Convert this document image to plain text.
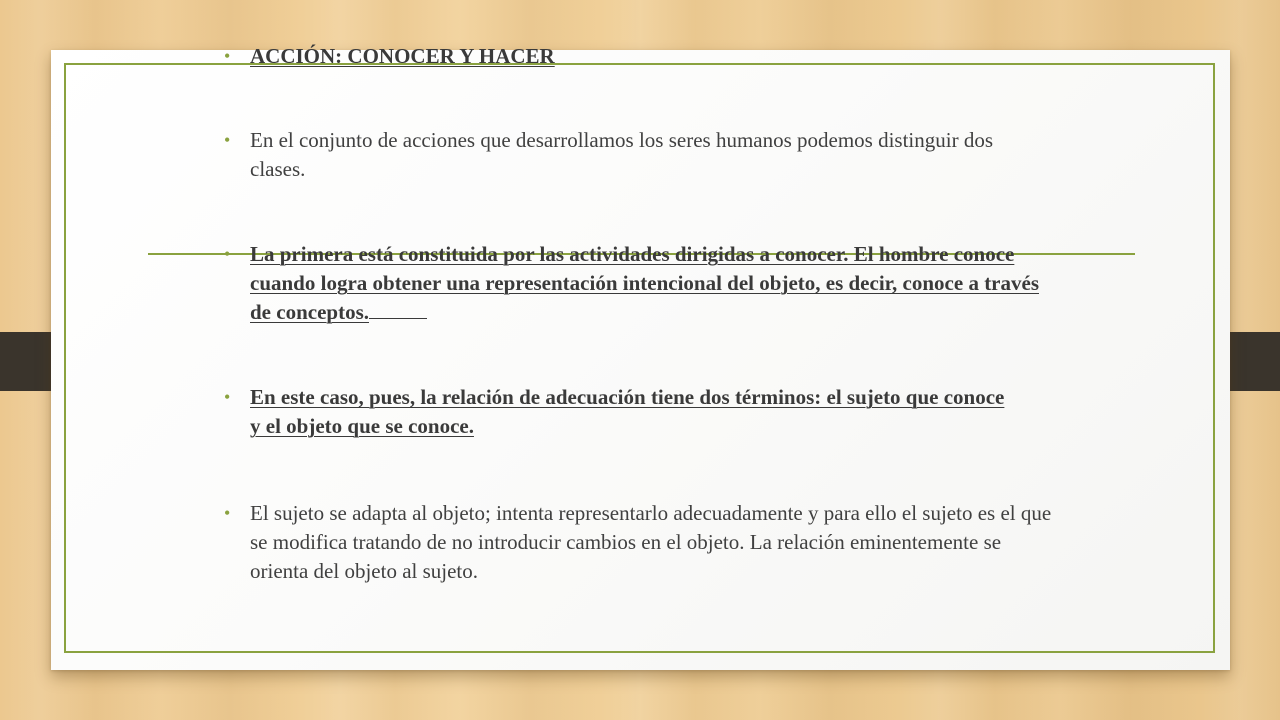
• ACCIÓN: CONOCER Y HACER
• En el conjunto de acciones que desarrollamos los seres humanos podemos distinguir dos clases.
• La primera está constituida por las actividades dirigidas a conocer. El hombre conoce cuando logra obtener una representación intencional del objeto, es decir, conoce a través de conceptos.
• En este caso, pues, la relación de adecuación tiene dos términos: el sujeto que conoce y el objeto que se conoce.
• El sujeto se adapta al objeto; intenta representarlo adecuadamente y para ello el sujeto es el que se modifica tratando de no introducir cambios en el objeto. La relación eminentemente se orienta del objeto al sujeto.
